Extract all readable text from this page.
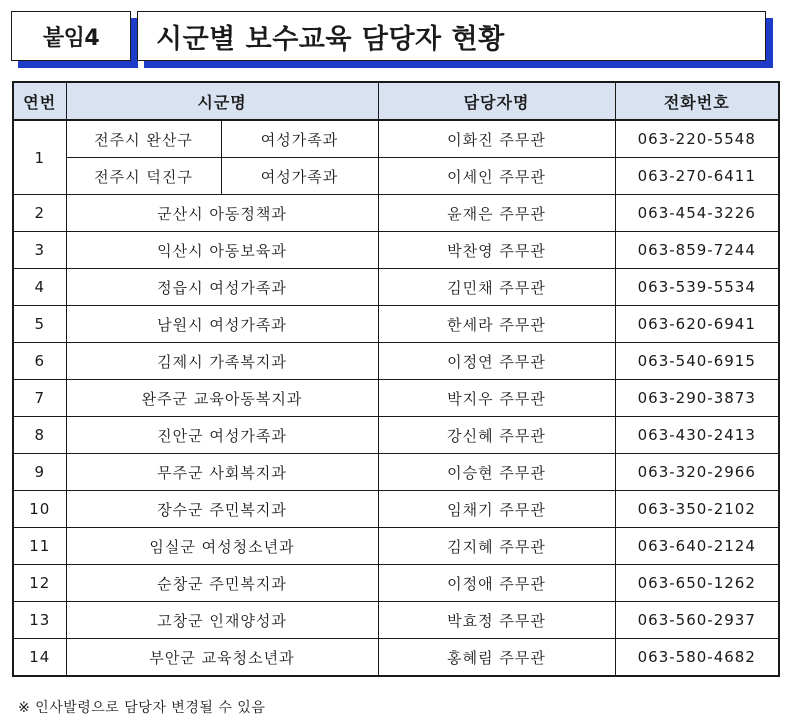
붙임4	시군별 보수교육 담당자 현황
연번	시군명		담당자명	전화번호
1	전주시 완산구	여성가족과	이화진 주무관	063-220-5548
	전주시 덕진구	여성가족과	이세인 주무관	063-270-6411
2	군산시 아동정책과		윤재은 주무관	063-454-3226
3	익산시 아동보육과		박찬영 주무관	063-859-7244
4	정읍시 여성가족과		김민채 주무관	063-539-5534
5	남원시 여성가족과		한세라 주무관	063-620-6941
6	김제시 가족복지과		이정연 주무관	063-540-6915
7	완주군 교육아동복지과		박지우 주무관	063-290-3873
8	진안군 여성가족과		강신혜 주무관	063-430-2413
9	무주군 사회복지과		이승현 주무관	063-320-2966
10	장수군 주민복지과		임채기 주무관	063-350-2102
11	임실군 여성청소년과		김지혜 주무관	063-640-2124
12	순창군 주민복지과		이정애 주무관	063-650-1262
13	고창군 인재양성과		박효정 주무관	063-560-2937
14	부안군 교육청소년과		홍혜림 주무관	063-580-4682
※ 인사발령으로 담당자 변경될 수 있음
